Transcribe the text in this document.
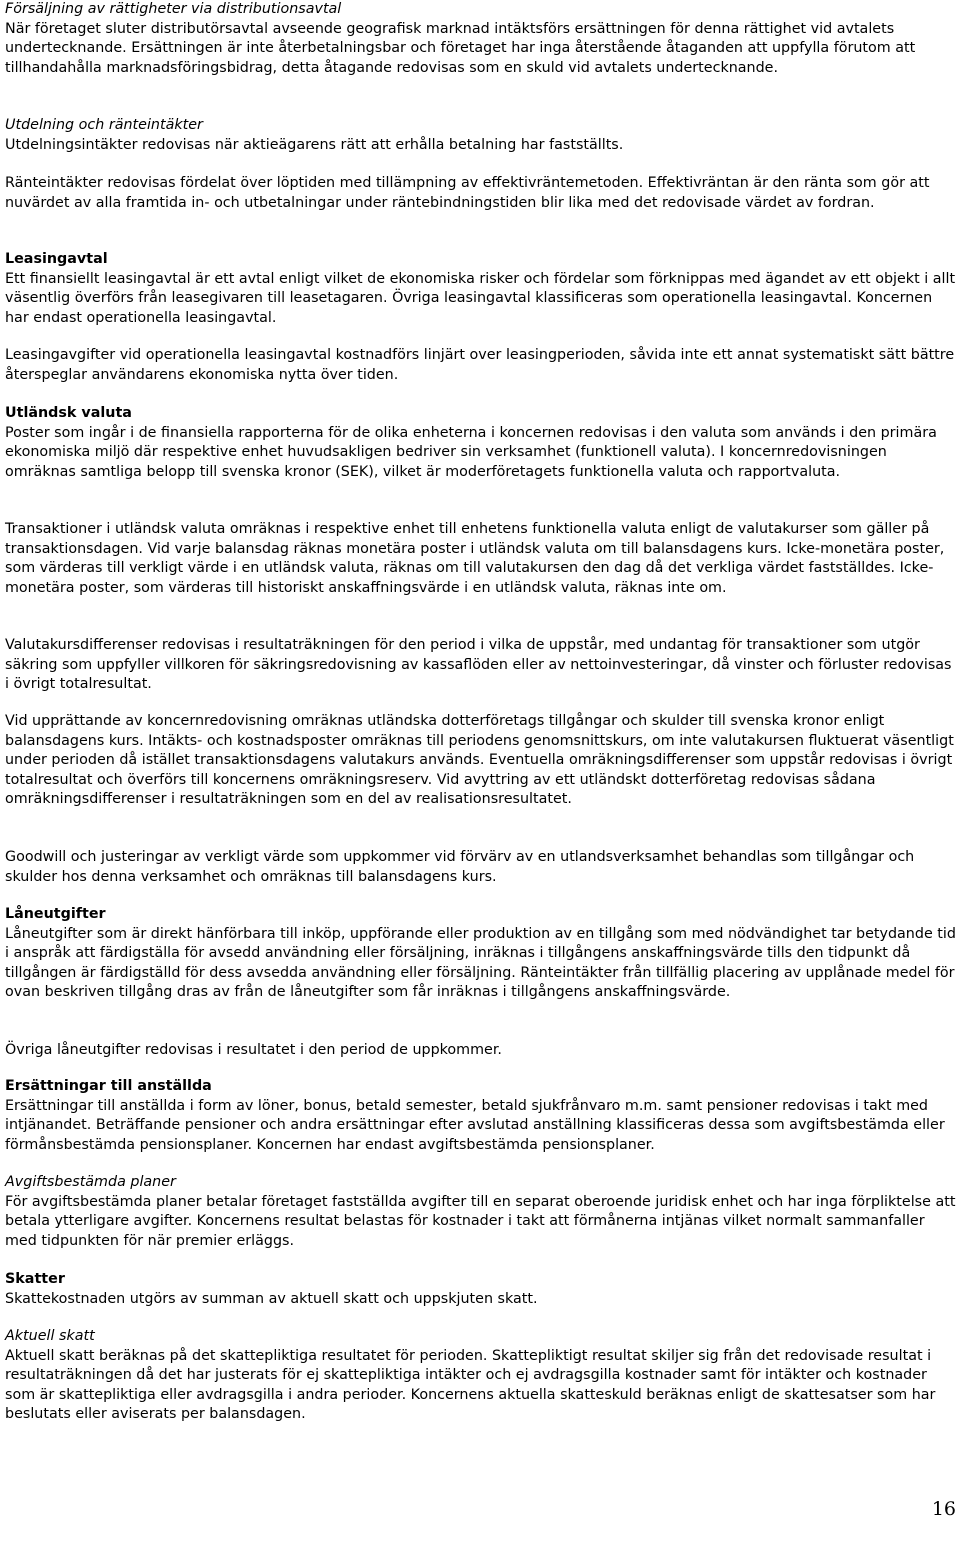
Försäljning av rättigheter via distributionsavtal

När företaget sluter distributörsavtal avseende geografisk marknad intäktsförs ersättningen för denna rättighet vid avtalets undertecknande. Ersättningen är inte återbetalningsbar och företaget har inga återstående åtaganden att uppfylla förutom att tillhandahålla marknadsföringsbidrag, detta åtagande redovisas som en skuld vid avtalets undertecknande.

Utdelning och ränteintäkter

Utdelningsintäkter redovisas när aktieägarens rätt att erhålla betalning har fastställts.

Ränteintäkter redovisas fördelat över löptiden med tillämpning av effektivräntemetoden. Effektivräntan är den ränta som gör att nuvärdet av alla framtida in- och utbetalningar under räntebindningstiden blir lika med det redovisade värdet av fordran.

Leasingavtal

Ett finansiellt leasingavtal är ett avtal enligt vilket de ekonomiska risker och fördelar som förknippas med ägandet av ett objekt i allt väsentlig överförs från leasegivaren till leasetagaren. Övriga leasingavtal klassificeras som operationella leasingavtal. Koncernen har endast operationella leasingavtal.

Leasingavgifter vid operationella leasingavtal kostnadförs linjärt over leasingperioden, såvida inte ett annat systematiskt sätt bättre återspeglar användarens ekonomiska nytta över tiden.

Utländsk valuta

Poster som ingår i de finansiella rapporterna för de olika enheterna i koncernen redovisas i den valuta som används i den primära ekonomiska miljö där respektive enhet huvudsakligen bedriver sin verksamhet (funktionell valuta). I koncernredovisningen omräknas samtliga belopp till svenska kronor (SEK), vilket är moderföretagets funktionella valuta och rapportvaluta.

Transaktioner i utländsk valuta omräknas i respektive enhet till enhetens funktionella valuta enligt de valutakurser som gäller på transaktionsdagen. Vid varje balansdag räknas monetära poster i utländsk valuta om till balansdagens kurs. Icke-monetära poster, som värderas till verkligt värde i en utländsk valuta, räknas om till valutakursen den dag då det verkliga värdet fastställdes. Icke-monetära poster, som värderas till historiskt anskaffningsvärde i en utländsk valuta, räknas inte om.

Valutakursdifferenser redovisas i resultaträkningen för den period i vilka de uppstår, med undantag för transaktioner som utgör säkring som uppfyller villkoren för säkringsredovisning av kassaflöden eller av nettoinvesteringar, då vinster och förluster redovisas i övrigt totalresultat.

Vid upprättande av koncernredovisning omräknas utländska dotterföretags tillgångar och skulder till svenska kronor enligt balansdagens kurs. Intäkts- och kostnadsposter omräknas till periodens genomsnittskurs, om inte valutakursen fluktuerat väsentligt under perioden då istället transaktionsdagens valutakurs används. Eventuella omräkningsdifferenser som uppstår redovisas i övrigt totalresultat och överförs till koncernens omräkningsreserv. Vid avyttring av ett utländskt dotterföretag redovisas sådana omräkningsdifferenser i resultaträkningen som en del av realisationsresultatet.

Goodwill och justeringar av verkligt värde som uppkommer vid förvärv av en utlandsverksamhet behandlas som tillgångar och skulder hos denna verksamhet och omräknas till balansdagens kurs.

Låneutgifter

Låneutgifter som är direkt hänförbara till inköp, uppförande eller produktion av en tillgång som med nödvändighet tar betydande tid i anspråk att färdigställa för avsedd användning eller försäljning, inräknas i tillgångens anskaffningsvärde tills den tidpunkt då tillgången är färdigställd för dess avsedda användning eller försäljning. Ränteintäkter från tillfällig placering av upplånade medel för ovan beskriven tillgång dras av från de låneutgifter som får inräknas i tillgångens anskaffningsvärde.

Övriga låneutgifter redovisas i resultatet i den period de uppkommer.

Ersättningar till anställda

Ersättningar till anställda i form av löner, bonus, betald semester, betald sjukfrånvaro m.m. samt pensioner redovisas i takt med intjänandet. Beträffande pensioner och andra ersättningar efter avslutad anställning klassificeras dessa som avgiftsbestämda eller förmånsbestämda pensionsplaner. Koncernen har endast avgiftsbestämda pensionsplaner.

Avgiftsbestämda planer

För avgiftsbestämda planer betalar företaget fastställda avgifter till en separat oberoende juridisk enhet och har inga förpliktelse att betala ytterligare avgifter. Koncernens resultat belastas för kostnader i takt att förmånerna intjänas vilket normalt sammanfaller med tidpunkten för när premier erläggs.

Skatter

Skattekostnaden utgörs av summan av aktuell skatt och uppskjuten skatt.

Aktuell skatt

Aktuell skatt beräknas på det skattepliktiga resultatet för perioden. Skattepliktigt resultat skiljer sig från det redovisade resultat i resultaträkningen då det har justerats för ej skattepliktiga intäkter och ej avdragsgilla kostnader samt för intäkter och kostnader som är skattepliktiga eller avdragsgilla i andra perioder. Koncernens aktuella skatteskuld beräknas enligt de skattesatser som har beslutats eller aviserats per balansdagen.

16
